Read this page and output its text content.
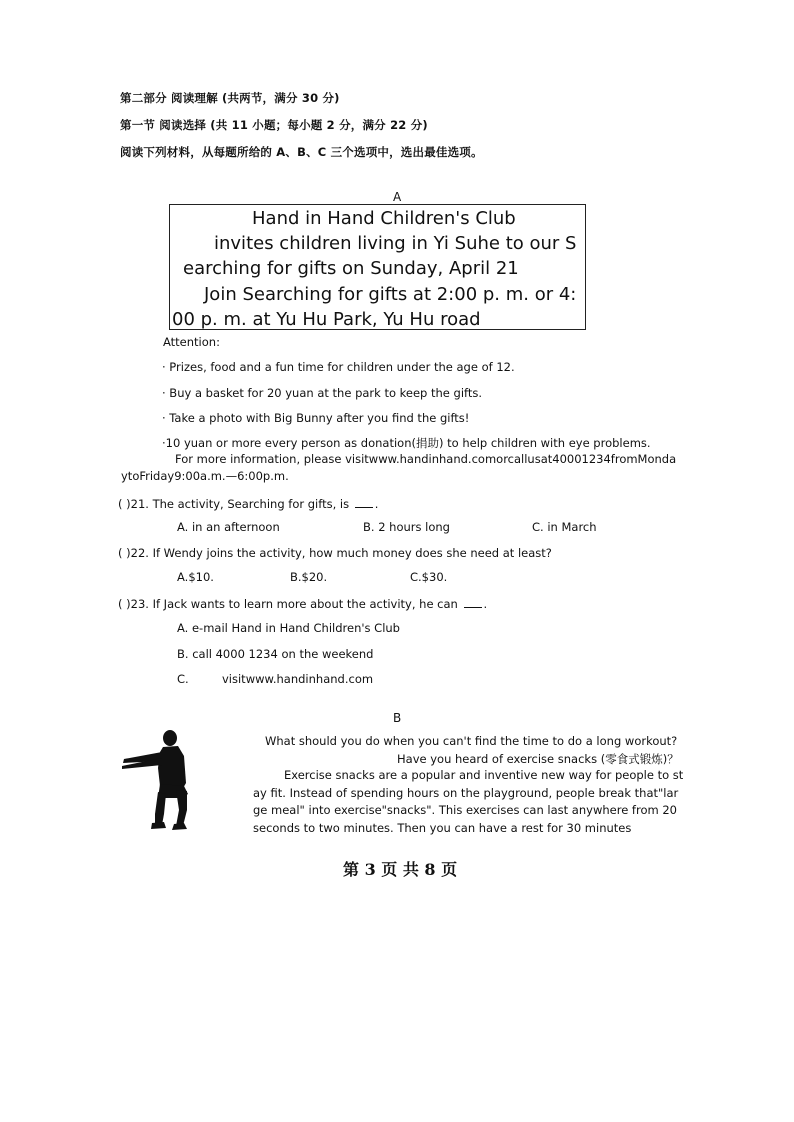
第二部分 阅读理解 (共两节，满分 30 分)
第一节 阅读选择 (共 11 小题；每小题 2 分，满分 22 分)
阅读下列材料，从每题所给的 A、B、C 三个选项中，选出最佳选项。
A
Hand in Hand Children's Club
invites children living in Yi Suhe to our S
earching for gifts on Sunday, April 21
Join Searching for gifts at 2:00 p. m. or 4:
00 p. m. at Yu Hu Park, Yu Hu road
Attention:
· Prizes, food and a fun time for children under the age of 12.
· Buy a basket for 20 yuan at the park to keep the gifts.
· Take a photo with Big Bunny after you find the gifts!
·10 yuan or more every person as donation(捐助) to help children with eye problems.
For more information, please visitwww.handinhand.comorcallusat40001234fromMonda
ytoFriday9:00a.m.—6:00p.m.
( )21. The activity, Searching for gifts, is .
A. in an afternoon	B. 2 hours long	C. in March
( )22. If Wendy joins the activity, how much money does she need at least?
A.$10.	B.$20.	C.$30.
( )23. If Jack wants to learn more about the activity, he can .
A. e-mail Hand in Hand Children's Club
B. call 4000 1234 on the weekend
C.	visitwww.handinhand.com
B
What should you do when you can't find the time to do a long workout?
Have you heard of exercise snacks (零食式锻炼)？
Exercise snacks are a popular and inventive new way for people to st
ay fit. Instead of spending hours on the playground, people break that"lar
ge meal" into exercise"snacks". This exercises can last anywhere from 20
seconds to two minutes. Then you can have a rest for 30 minutes
第 3 页 共 8 页
